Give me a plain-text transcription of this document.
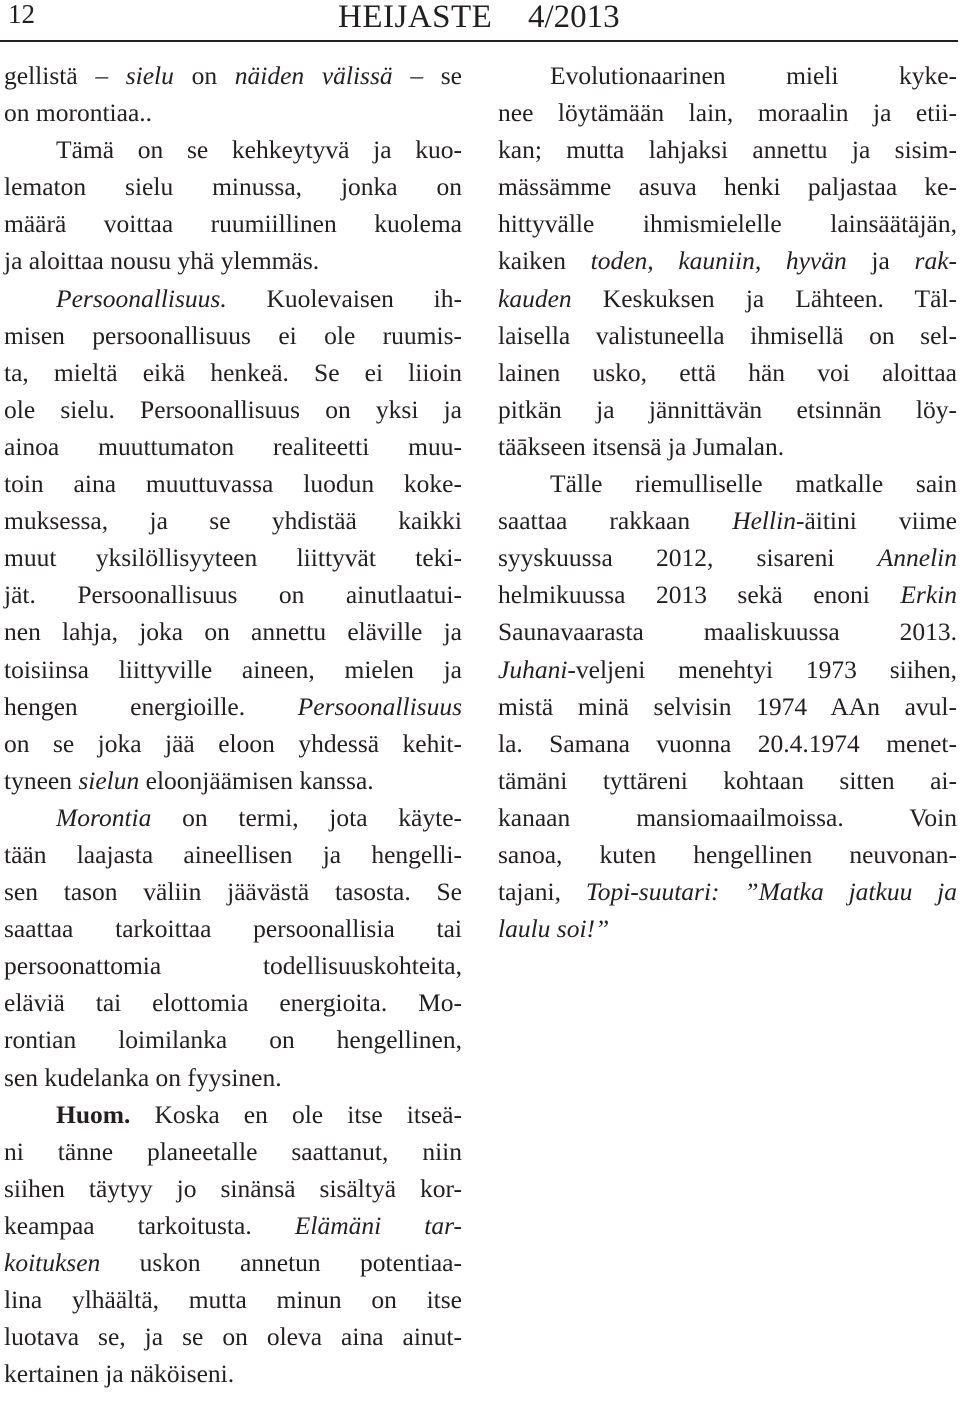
12	HEIJASTE 4/2013
gellistä – sielu on näiden välissä – se
on morontiaa..
Tämä on se kehkeytyvä ja kuo-
lematon sielu minussa, jonka on
määrä voittaa ruumiillinen kuolema
ja aloittaa nousu yhä ylemmäs.
Persoonallisuus. Kuolevaisen ih-
misen persoonallisuus ei ole ruumis-
ta, mieltä eikä henkeä. Se ei liioin
ole sielu. Persoonallisuus on yksi ja
ainoa muuttumaton realiteetti muu-
toin aina muuttuvassa luodun koke-
muksessa, ja se yhdistää kaikki
muut yksilöllisyyteen liittyvät teki-
jät. Persoonallisuus on ainutlaatui-
nen lahja, joka on annettu eläville ja
toisiinsa liittyville aineen, mielen ja
hengen energioille. Persoonallisuus
on se joka jää eloon yhdessä kehit-
tyneen sielun eloonjäämisen kanssa.
Morontia on termi, jota käyte-
tään laajasta aineellisen ja hengelli-
sen tason väliin jäävästä tasosta. Se
saattaa tarkoittaa persoonallisia tai
persoonattomia todellisuuskohteita,
eläviä tai elottomia energioita. Mo-
rontian loimilanka on hengellinen,
sen kudelanka on fyysinen.
Huom. Koska en ole itse itseä-
ni tänne planeetalle saattanut, niin
siihen täytyy jo sinänsä sisältyä kor-
keampaa tarkoitusta. Elämäni tar-
koituksen uskon annetun potentiaa-
lina ylhäältä, mutta minun on itse
luotava se, ja se on oleva aina ainut-
kertainen ja näköiseni.
Evolutionaarinen mieli kyke-
nee löytämään lain, moraalin ja etii-
kan; mutta lahjaksi annettu ja sisim-
mässämme asuva henki paljastaa ke-
hittyvälle ihmismielelle lainsäätäjän,
kaiken toden, kauniin, hyvän ja rak-
kauden Keskuksen ja Lähteen. Täl-
laisella valistuneella ihmisellä on sel-
lainen usko, että hän voi aloittaa
pitkän ja jännittävän etsinnän löy-
täākseen itsensä ja Jumalan.
Tälle riemulliselle matkalle sain
saattaa rakkaan Hellin-äitini viime
syyskuussa 2012, sisareni Annelin
helmikuussa 2013 sekä enoni Erkin
Saunavaarasta maaliskuussa 2013.
Juhani-veljeni menehtyi 1973 siihen,
mistä minä selvisin 1974 AAn avul-
la. Samana vuonna 20.4.1974 menet-
tämäni tyttäreni kohtaan sitten ai-
kanaan mansiomaailmoissa. Voin
sanoa, kuten hengellinen neuvonan-
tajani, Topi-suutari: ”Matka jatkuu ja
laulu soi!”
